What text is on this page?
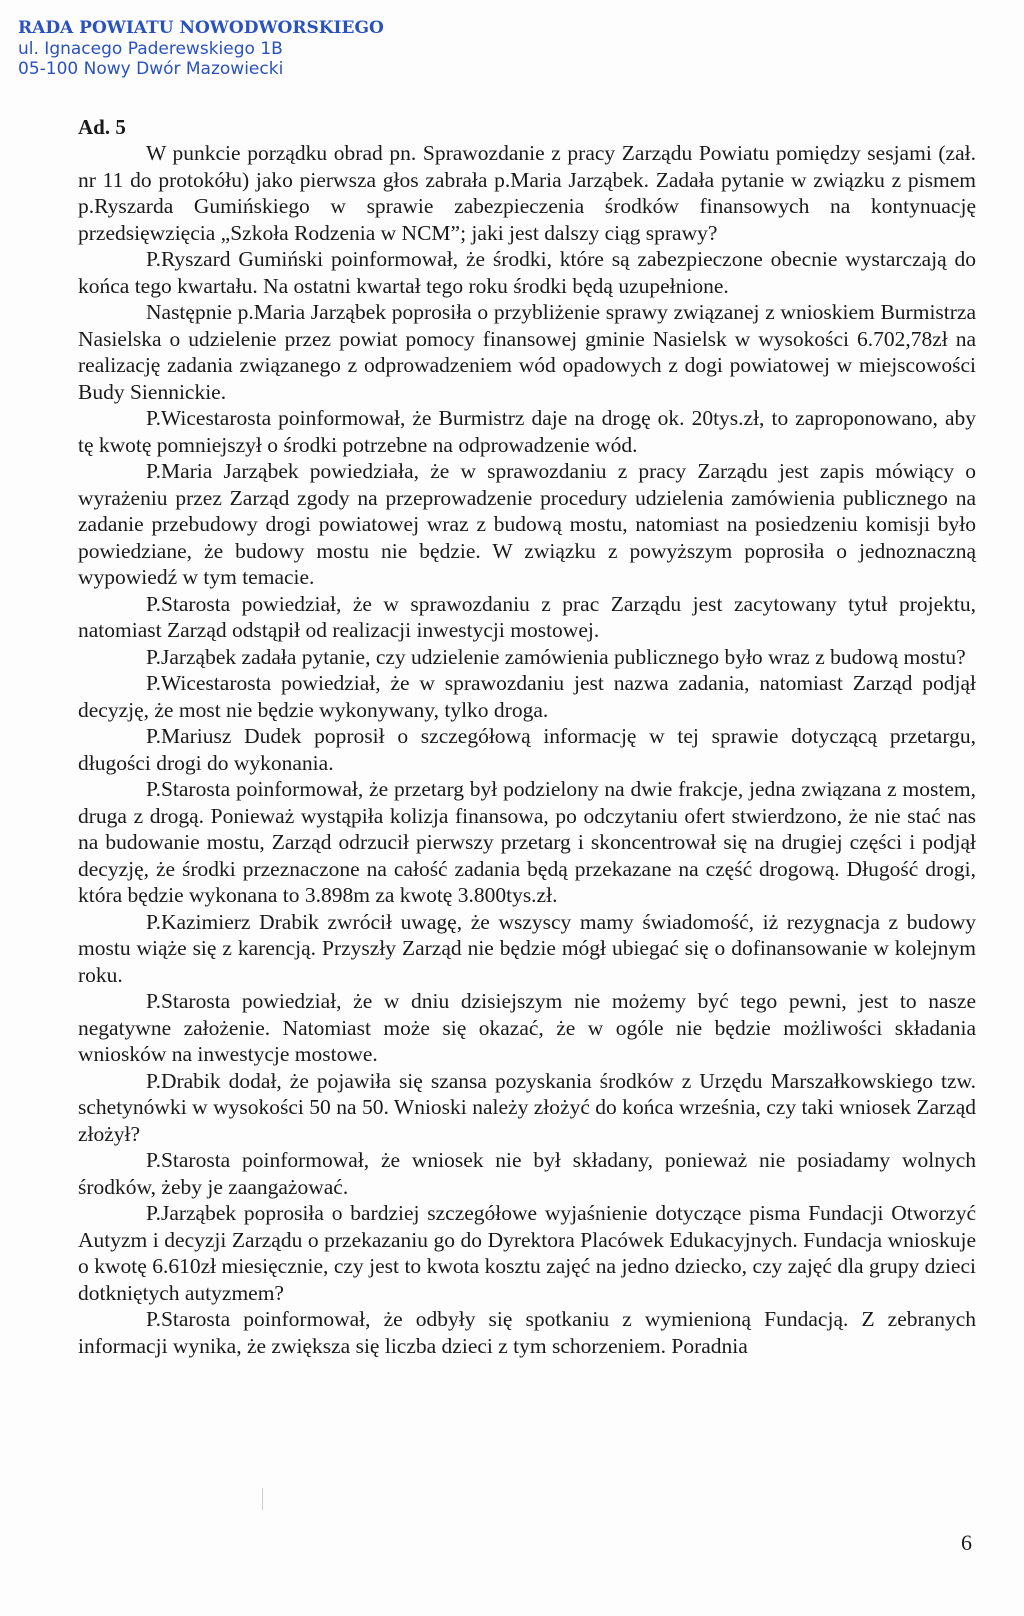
RADA POWIATU NOWODWORSKIEGO
ul. Ignacego Paderewskiego 1B
05-100 Nowy Dwór Mazowiecki
Ad. 5

W punkcie porządku obrad pn. Sprawozdanie z pracy Zarządu Powiatu pomiędzy sesjami (zał. nr 11 do protokółu) jako pierwsza głos zabrała p.Maria Jarząbek. Zadała pytanie w związku z pismem p.Ryszarda Gumińskiego w sprawie zabezpieczenia środków finansowych na kontynuację przedsięwzięcia „Szkoła Rodzenia w NCM”; jaki jest dalszy ciąg sprawy?

P.Ryszard Gumiński poinformował, że środki, które są zabezpieczone obecnie wystarczają do końca tego kwartału. Na ostatni kwartał tego roku środki będą uzupełnione.

Następnie p.Maria Jarząbek poprosiła o przybliżenie sprawy związanej z wnioskiem Burmistrza Nasielska o udzielenie przez powiat pomocy finansowej gminie Nasielsk w wysokości 6.702,78zł na realizację zadania związanego z odprowadzeniem wód opadowych z dogi powiatowej w miejscowości Budy Siennickie.

P.Wicestarosta poinformował, że Burmistrz daje na drogę ok. 20tys.zł, to zaproponowano, aby tę kwotę pomniejszył o środki potrzebne na odprowadzenie wód.

P.Maria Jarząbek powiedziała, że w sprawozdaniu z pracy Zarządu jest zapis mówiący o wyrażeniu przez Zarząd zgody na przeprowadzenie procedury udzielenia zamówienia publicznego na zadanie przebudowy drogi powiatowej wraz z budową mostu, natomiast na posiedzeniu komisji było powiedziane, że budowy mostu nie będzie. W związku z powyższym poprosiła o jednoznaczną wypowiedź w tym temacie.

P.Starosta powiedział, że w sprawozdaniu z prac Zarządu jest zacytowany tytuł projektu, natomiast Zarząd odstąpił od realizacji inwestycji mostowej.

P.Jarząbek zadała pytanie, czy udzielenie zamówienia publicznego było wraz z budową mostu?

P.Wicestarosta powiedział, że w sprawozdaniu jest nazwa zadania, natomiast Zarząd podjął decyzję, że most nie będzie wykonywany, tylko droga.

P.Mariusz Dudek poprosił o szczegółową informację w tej sprawie dotyczącą przetargu, długości drogi do wykonania.

P.Starosta poinformował, że przetarg był podzielony na dwie frakcje, jedna związana z mostem, druga z drogą. Ponieważ wystąpiła kolizja finansowa, po odczytaniu ofert stwierdzono, że nie stać nas na budowanie mostu, Zarząd odrzucił pierwszy przetarg i skoncentrował się na drugiej części i podjął decyzję, że środki przeznaczone na całość zadania będą przekazane na część drogową. Długość drogi, która będzie wykonana to 3.898m za kwotę 3.800tys.zł.

P.Kazimierz Drabik zwrócił uwagę, że wszyscy mamy świadomość, iż rezygnacja z budowy mostu wiąże się z karencją. Przyszły Zarząd nie będzie mógł ubiegać się o dofinansowanie w kolejnym roku.

P.Starosta powiedział, że w dniu dzisiejszym nie możemy być tego pewni, jest to nasze negatywne założenie. Natomiast może się okazać, że w ogóle nie będzie możliwości składania wniosków na inwestycje mostowe.

P.Drabik dodał, że pojawiła się szansa pozyskania środków z Urzędu Marszałkowskiego tzw. schetynówki w wysokości 50 na 50. Wnioski należy złożyć do końca września, czy taki wniosek Zarząd złożył?

P.Starosta poinformował, że wniosek nie był składany, ponieważ nie posiadamy wolnych środków, żeby je zaangażować.

P.Jarząbek poprosiła o bardziej szczegółowe wyjaśnienie dotyczące pisma Fundacji Otworzyć Autyzm i decyzji Zarządu o przekazaniu go do Dyrektora Placówek Edukacyjnych. Fundacja wnioskuje o kwotę 6.610zł miesięcznie, czy jest to kwota kosztu zajęć na jedno dziecko, czy zajęć dla grupy dzieci dotkniętych autyzmem?

P.Starosta poinformował, że odbyły się spotkaniu z wymienioną Fundacją. Z zebranych informacji wynika, że zwiększa się liczba dzieci z tym schorzeniem. Poradnia

6
